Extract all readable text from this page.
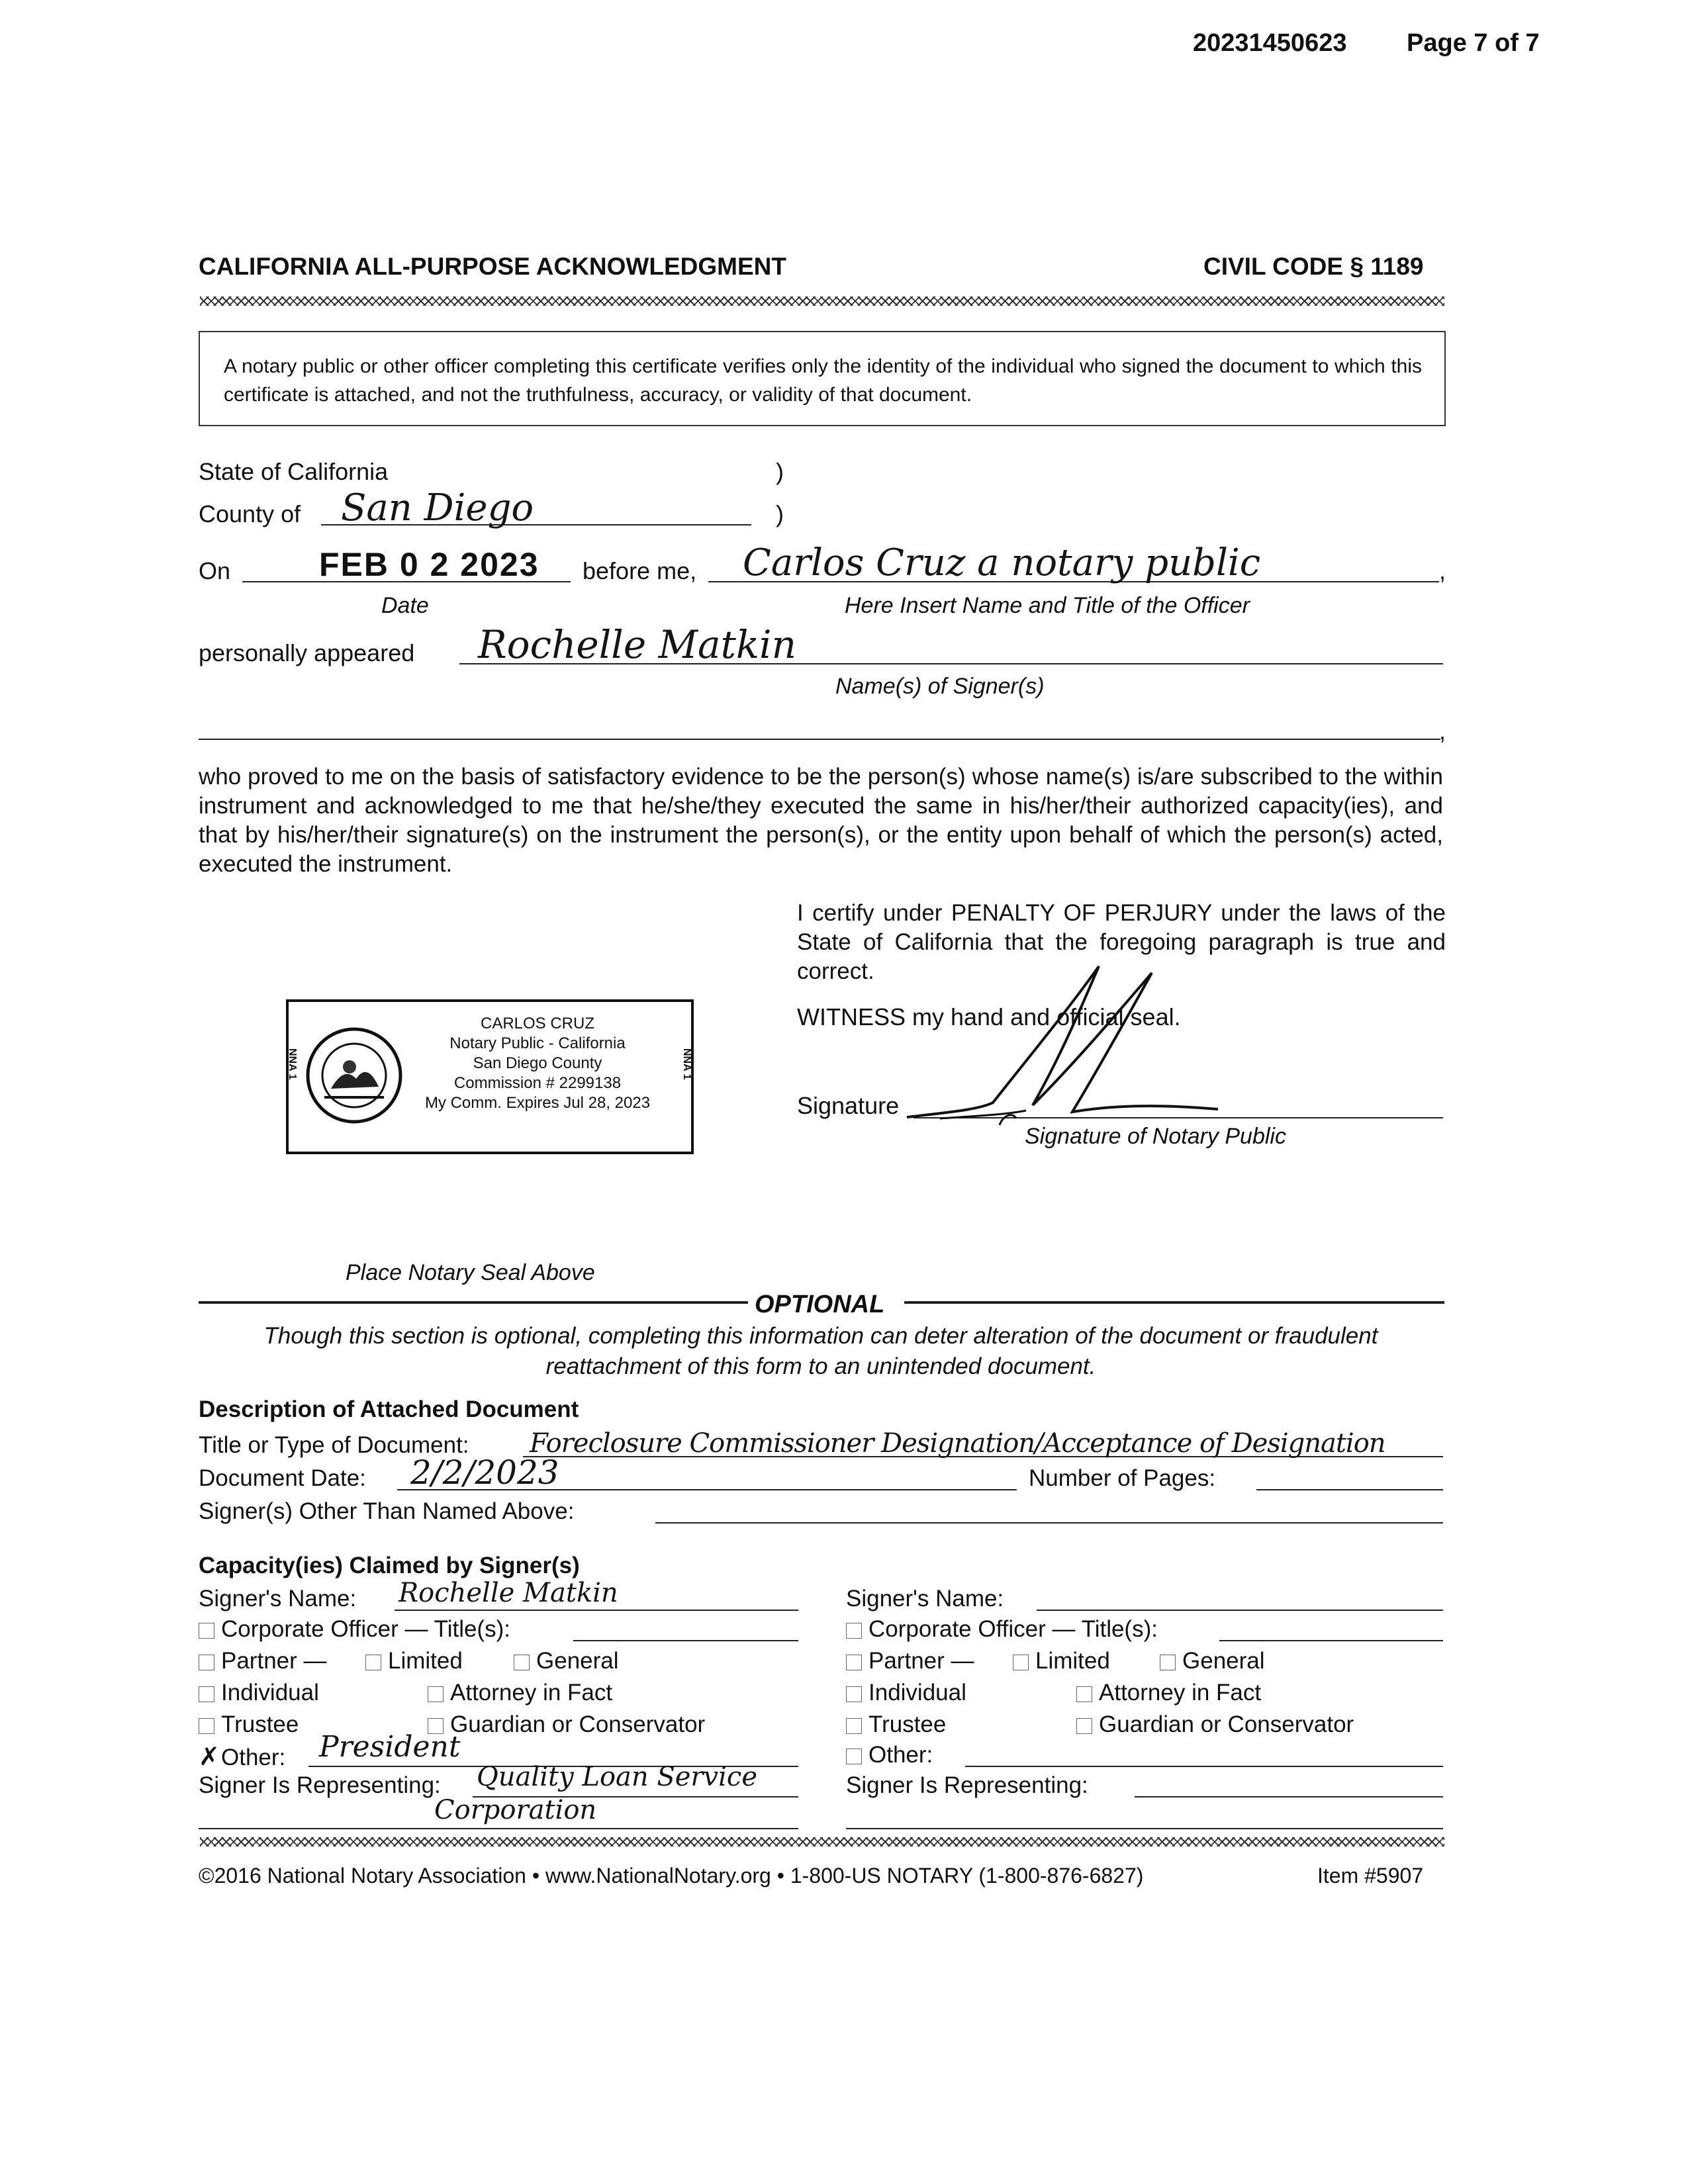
20231450623 Page 7 of 7
CALIFORNIA ALL-PURPOSE ACKNOWLEDGMENT	CIVIL CODE § 1189
A notary public or other officer completing this certificate verifies only the identity of the individual who signed the document to which this certificate is attached, and not the truthfulness, accuracy, or validity of that document.
State of California	)
County of San Diego	)
On	FEB 0 2 2023 before me, Carlos Cruz a notary public	,
Date	Here Insert Name and Title of the Officer
personally appeared Rochelle Matkin
Name(s) of Signer(s)
,
who proved to me on the basis of satisfactory evidence to be the person(s) whose name(s) is/are subscribed to the within instrument and acknowledged to me that he/she/they executed the same in his/her/their authorized capacity(ies), and that by his/her/their signature(s) on the instrument the person(s), or the entity upon behalf of which the person(s) acted, executed the instrument.
I certify under PENALTY OF PERJURY under the laws of the State of California that the foregoing paragraph is true and correct.
WITNESS my hand and official seal.
Signature
Signature of Notary Public
CARLOS CRUZ
Notary Public - California
San Diego County
Commission # 2299138
My Comm. Expires Jul 28, 2023
NNA 1	NNA 1
Place Notary Seal Above
OPTIONAL
Though this section is optional, completing this information can deter alteration of the document or fraudulent reattachment of this form to an unintended document.
Description of Attached Document
Title or Type of Document: Foreclosure Commissioner Designation/Acceptance of Designation
Document Date: 2/2/2023	Number of Pages:
Signer(s) Other Than Named Above:
Capacity(ies) Claimed by Signer(s)
Signer's Name: Rochelle Matkin
Corporate Officer — Title(s):
Partner —	Limited	General
Individual	Attorney in Fact
Trustee	Guardian or Conservator
✗Other: President
Signer Is Representing: Quality Loan Service
Corporation
Signer's Name:
Corporate Officer — Title(s):
Partner —	Limited	General
Individual	Attorney in Fact
Trustee	Guardian or Conservator
Other:
Signer Is Representing:
©2016 National Notary Association • www.NationalNotary.org • 1-800-US NOTARY (1-800-876-6827)	Item #5907
